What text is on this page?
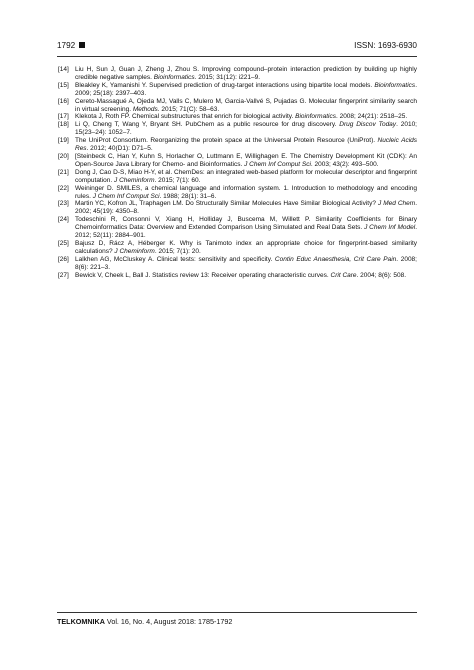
1792	ISSN: 1693-6930
[14] Liu H, Sun J, Guan J, Zheng J, Zhou S. Improving compound–protein interaction prediction by building up highly credible negative samples. Bioinformatics. 2015; 31(12): i221–9.
[15] Bleakley K, Yamanishi Y. Supervised prediction of drug-target interactions using bipartite local models. Bioinformatics. 2009; 25(18): 2397–403.
[16] Cereto-Massagué A, Ojeda MJ, Valls C, Mulero M, Garcia-Vallvé S, Pujadas G. Molecular fingerprint similarity search in virtual screening. Methods. 2015; 71(C): 58–63.
[17] Klekota J, Roth FP. Chemical substructures that enrich for biological activity. Bioinformatics. 2008; 24(21): 2518–25.
[18] Li Q, Cheng T, Wang Y, Bryant SH. PubChem as a public resource for drug discovery. Drug Discov Today. 2010; 15(23–24): 1052–7.
[19] The UniProt Consortium. Reorganizing the protein space at the Universal Protein Resource (UniProt). Nucleic Acids Res. 2012; 40(D1): D71–5.
[20] [Steinbeck C, Han Y, Kuhn S, Horlacher O, Luttmann E, Willighagen E. The Chemistry Development Kit (CDK): An Open-Source Java Library for Chemo- and Bioinformatics. J Chem Inf Comput Sci. 2003; 43(2): 493–500.
[21] Dong J, Cao D-S, Miao H-Y, et al. ChemDes: an integrated web-based platform for molecular descriptor and fingerprint computation. J Cheminform. 2015; 7(1): 60.
[22] Weininger D. SMILES, a chemical language and information system. 1. Introduction to methodology and encoding rules. J Chem Inf Comput Sci. 1988; 28(1): 31–6.
[23] Martin YC, Kofron JL, Traphagen LM. Do Structurally Similar Molecules Have Similar Biological Activity? J Med Chem. 2002; 45(19): 4350–8.
[24] Todeschini R, Consonni V, Xiang H, Holliday J, Buscema M, Willett P. Similarity Coefficients for Binary Chemoinformatics Data: Overview and Extended Comparison Using Simulated and Real Data Sets. J Chem Inf Model. 2012; 52(11): 2884–901.
[25] Bajusz D, Rácz A, Héberger K. Why is Tanimoto index an appropriate choice for fingerprint-based similarity calculations? J Cheminform. 2015; 7(1): 20.
[26] Lalkhen AG, McCluskey A. Clinical tests: sensitivity and specificity. Contin Educ Anaesthesia, Crit Care Pain. 2008; 8(6): 221–3.
[27] Bewick V, Cheek L, Ball J. Statistics review 13: Receiver operating characteristic curves. Crit Care. 2004; 8(6): 508.
TELKOMNIKA Vol. 16, No. 4, August 2018: 1785-1792
